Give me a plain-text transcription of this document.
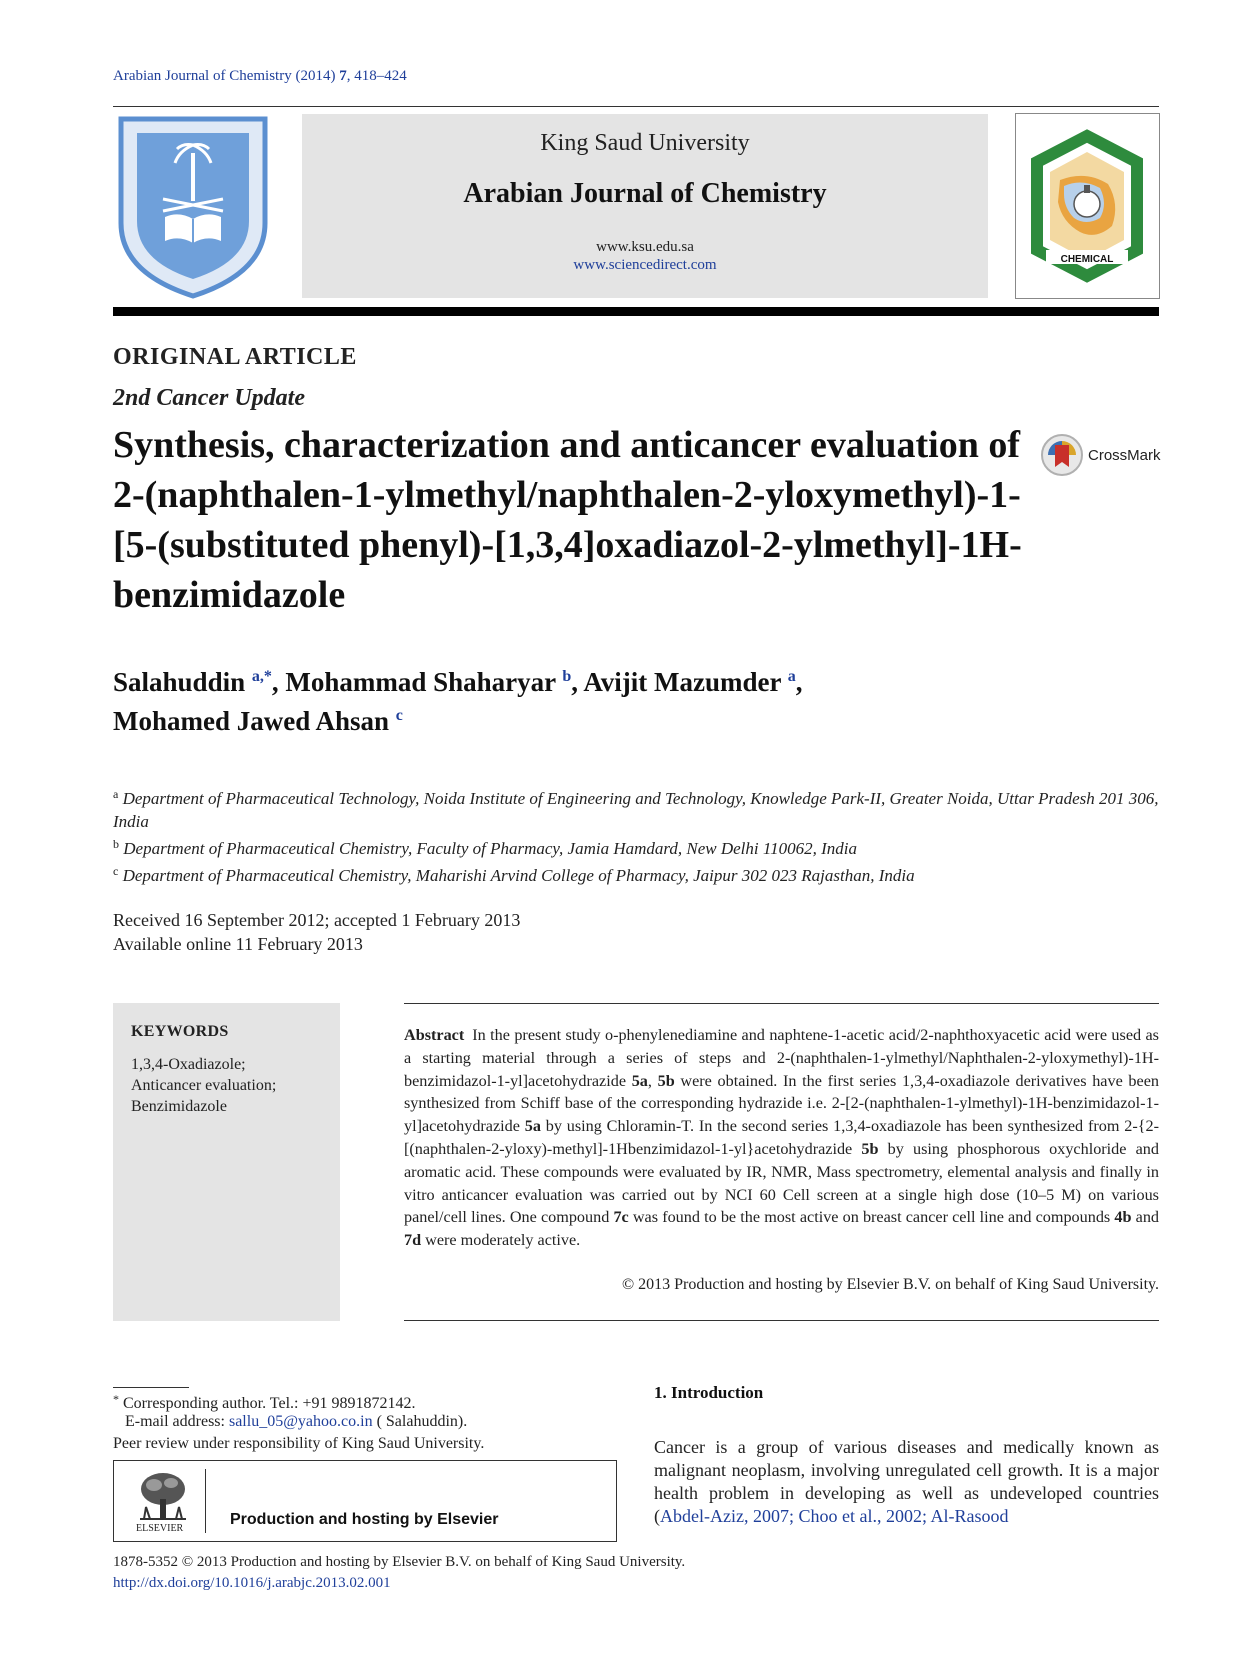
Arabian Journal of Chemistry (2014) 7, 418–424
King Saud University
Arabian Journal of Chemistry
www.ksu.edu.sa
www.sciencedirect.com	CHEMICAL
ORIGINAL ARTICLE
2nd Cancer Update
Synthesis, characterization and anticancer evaluation of 2-(naphthalen-1-ylmethyl/naphthalen-2-yloxymethyl)-1-[5-(substituted phenyl)-[1,3,4]oxadiazol-2-ylmethyl]-1H-benzimidazole
CrossMark
Salahuddin $^{a,*}$, Mohammad Shaharyar $^b$, Avijit Mazumder $^a$,
Mohamed Jawed Ahsan $^c$
$^a$ Department of Pharmaceutical Technology, Noida Institute of Engineering and Technology, Knowledge Park-II, Greater Noida, Uttar Pradesh 201 306, India
$^b$ Department of Pharmaceutical Chemistry, Faculty of Pharmacy, Jamia Hamdard, New Delhi 110062, India
$^c$ Department of Pharmaceutical Chemistry, Maharishi Arvind College of Pharmacy, Jaipur 302 023 Rajasthan, India
Received 16 September 2012; accepted 1 February 2013
Available online 11 February 2013
KEYWORDS
1,3,4-Oxadiazole;
Anticancer evaluation;
Benzimidazole
Abstract In the present study o-phenylenediamine and naphtene-1-acetic acid/2-naphthoxyacetic acid were used as a starting material through a series of steps and 2-(naphthalen-1-ylmethyl/Naphthalen-2-yloxymethyl)-1H-benzimidazol-1-yl]acetohydrazide 5a, 5b were obtained. In the first series 1,3,4-oxadiazole derivatives have been synthesized from Schiff base of the corresponding hydrazide i.e. 2-[2-(naphthalen-1-ylmethyl)-1H-benzimidazol-1-yl]acetohydrazide 5a by using Chloramin-T. In the second series 1,3,4-oxadiazole has been synthesized from 2-{2-[(naphthalen-2-yloxy)-methyl]-1Hbenzimidazol-1-yl}acetohydrazide 5b by using phosphorous oxychloride and aromatic acid. These compounds were evaluated by IR, NMR, Mass spectrometry, elemental analysis and finally in vitro anticancer evaluation was carried out by NCI 60 Cell screen at a single high dose (10–5 M) on various panel/cell lines. One compound 7c was found to be the most active on breast cancer cell line and compounds 4b and 7d were moderately active.
© 2013 Production and hosting by Elsevier B.V. on behalf of King Saud University.
* Corresponding author. Tel.: +91 9891872142.
E-mail address: sallu_05@yahoo.co.in ( Salahuddin).
Peer review under responsibility of King Saud University.
ELSEVIER
Production and hosting by Elsevier
1. Introduction
Cancer is a group of various diseases and medically known as malignant neoplasm, involving unregulated cell growth. It is a major health problem in developing as well as undeveloped countries (Abdel-Aziz, 2007; Choo et al., 2002; Al-Rasood
1878-5352 © 2013 Production and hosting by Elsevier B.V. on behalf of King Saud University.
http://dx.doi.org/10.1016/j.arabjc.2013.02.001
